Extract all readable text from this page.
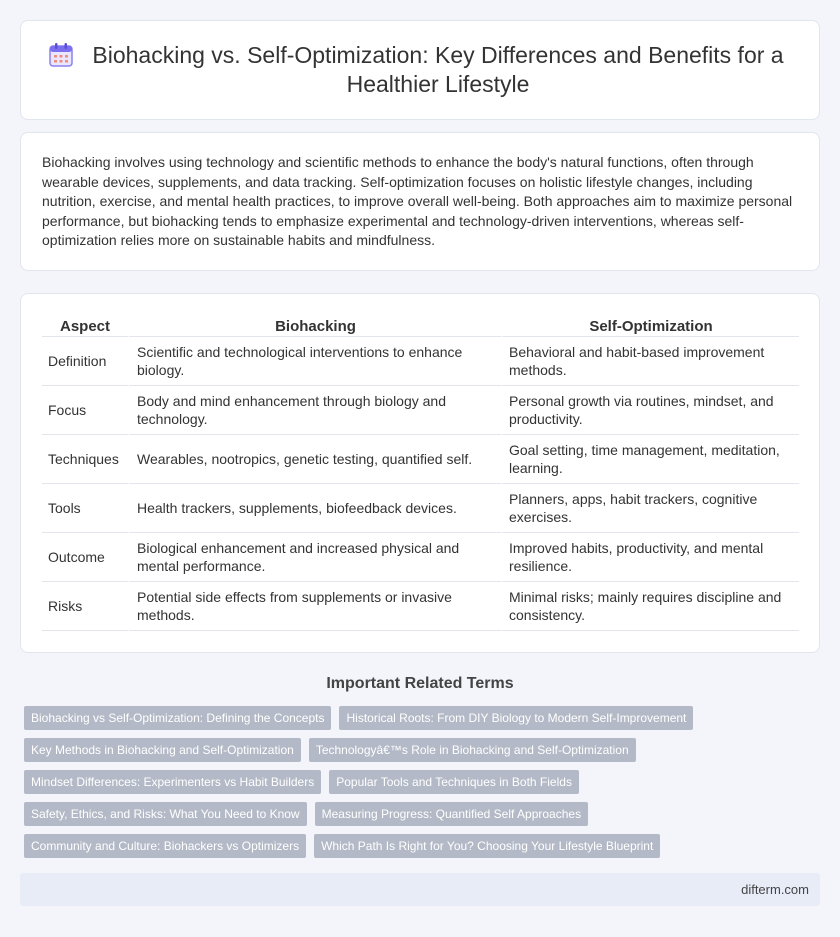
Biohacking vs. Self-Optimization: Key Differences and Benefits for a Healthier Lifestyle

Biohacking involves using technology and scientific methods to enhance the body's natural functions, often through wearable devices, supplements, and data tracking. Self-optimization focuses on holistic lifestyle changes, including nutrition, exercise, and mental health practices, to improve overall well-being. Both approaches aim to maximize personal performance, but biohacking tends to emphasize experimental and technology-driven interventions, whereas self-optimization relies more on sustainable habits and mindfulness.

Aspect	Biohacking	Self-Optimization
Definition	Scientific and technological interventions to enhance biology.	Behavioral and habit-based improvement methods.
Focus	Body and mind enhancement through biology and technology.	Personal growth via routines, mindset, and productivity.
Techniques	Wearables, nootropics, genetic testing, quantified self.	Goal setting, time management, meditation, learning.
Tools	Health trackers, supplements, biofeedback devices.	Planners, apps, habit trackers, cognitive exercises.
Outcome	Biological enhancement and increased physical and mental performance.	Improved habits, productivity, and mental resilience.
Risks	Potential side effects from supplements or invasive methods.	Minimal risks; mainly requires discipline and consistency.
Important Related Terms
Biohacking vs Self-Optimization: Defining the Concepts	Historical Roots: From DIY Biology to Modern Self-Improvement
Key Methods in Biohacking and Self-Optimization	Technologyâ€™s Role in Biohacking and Self-Optimization
Mindset Differences: Experimenters vs Habit Builders	Popular Tools and Techniques in Both Fields
Safety, Ethics, and Risks: What You Need to Know	Measuring Progress: Quantified Self Approaches
Community and Culture: Biohackers vs Optimizers	Which Path Is Right for You? Choosing Your Lifestyle Blueprint
difterm.com
